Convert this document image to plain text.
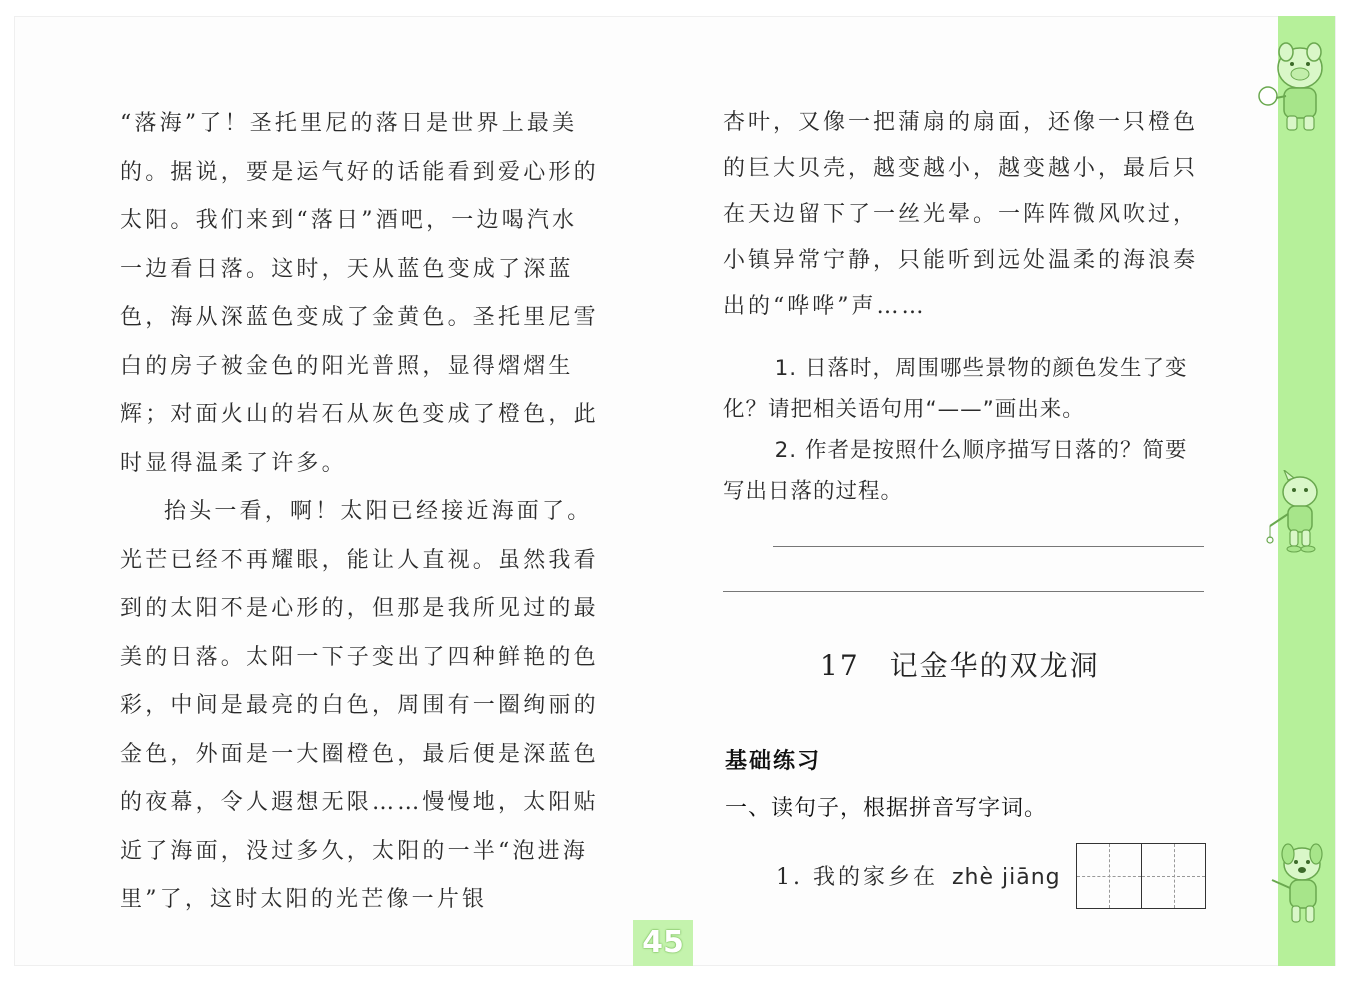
“落海”了！圣托里尼的落日是世界上最美的。据说，要是运气好的话能看到爱心形的太阳。我们来到“落日”酒吧，一边喝汽水一边看日落。这时，天从蓝色变成了深蓝色，海从深蓝色变成了金黄色。圣托里尼雪白的房子被金色的阳光普照，显得熠熠生辉；对面火山的岩石从灰色变成了橙色，此时显得温柔了许多。

抬头一看，啊！太阳已经接近海面了。光芒已经不再耀眼，能让人直视。虽然我看到的太阳不是心形的，但那是我所见过的最美的日落。太阳一下子变出了四种鲜艳的色彩，中间是最亮的白色，周围有一圈绚丽的金色，外面是一大圈橙色，最后便是深蓝色的夜幕，令人遐想无限……慢慢地，太阳贴近了海面，没过多久，太阳的一半“泡进海里”了，这时太阳的光芒像一片银

杏叶，又像一把蒲扇的扇面，还像一只橙色的巨大贝壳，越变越小，越变越小，最后只在天边留下了一丝光晕。一阵阵微风吹过，小镇异常宁静，只能听到远处温柔的海浪奏出的“哗哗”声……

1. 日落时，周围哪些景物的颜色发生了变化？请把相关语句用“——”画出来。

2. 作者是按照什么顺序描写日落的？简要写出日落的过程。

17 记金华的双龙洞
基础练习
一、读句子，根据拼音写字词。
1. 我的家乡在 zhè jiāng
45
